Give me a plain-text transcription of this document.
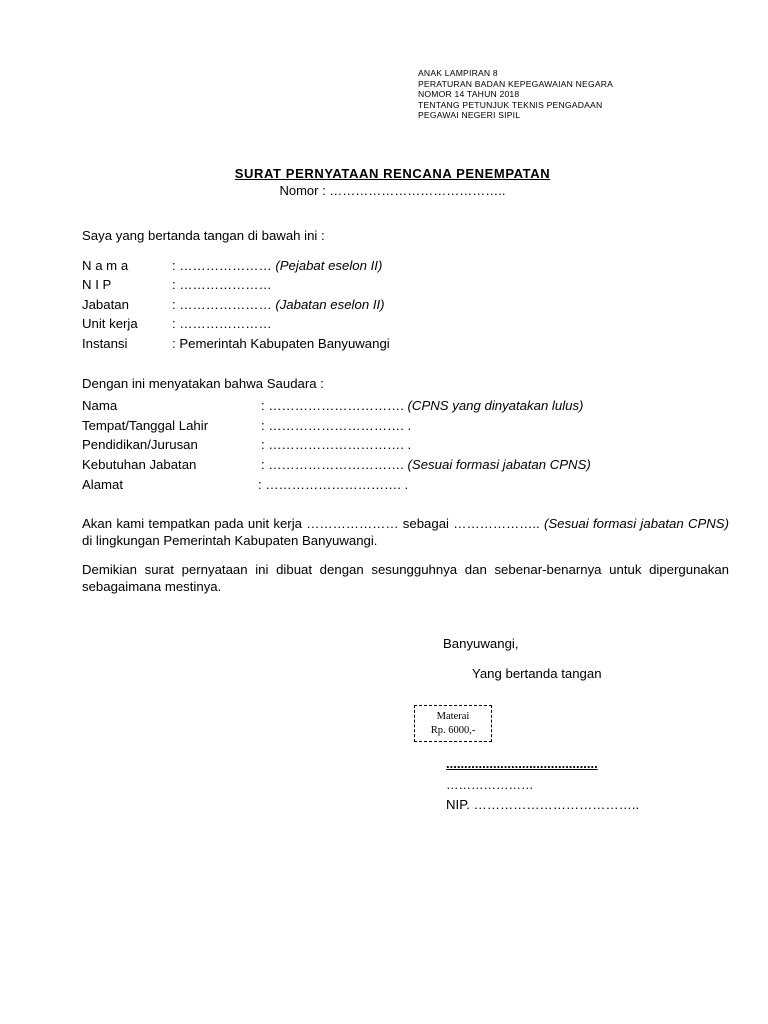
ANAK LAMPIRAN 8
PERATURAN BADAN KEPEGAWAIAN NEGARA
NOMOR 14 TAHUN 2018
TENTANG PETUNJUK TEKNIS PENGADAAN
PEGAWAI NEGERI SIPIL
SURAT PERNYATAAN RENCANA PENEMPATAN
Nomor : …………………………………..
Saya yang bertanda tangan di bawah ini :
N a m a	: ………………… (Pejabat eselon II)
N I P	: …………………
Jabatan	: ………………… (Jabatan eselon II)
Unit kerja	: …………………
Instansi	: Pemerintah Kabupaten Banyuwangi
Dengan ini menyatakan bahwa Saudara :
Nama	: …………………………. (CPNS yang dinyatakan lulus)
Tempat/Tanggal Lahir	: …………………………. .
Pendidikan/Jurusan	: …………………………. .
Kebutuhan Jabatan	: …………………………. (Sesuai formasi jabatan CPNS)
Alamat	: …………………………. .
Akan kami tempatkan pada unit kerja ………………… sebagai ……………….. (Sesuai formasi jabatan CPNS) di lingkungan Pemerintah Kabupaten Banyuwangi.
Demikian surat pernyataan ini dibuat dengan sesungguhnya dan sebenar-benarnya untuk dipergunakan sebagaimana mestinya.
Banyuwangi,
Yang bertanda tangan
Materai
Rp. 6000,-
..........................................
…………………
NIP. ………………………………..
